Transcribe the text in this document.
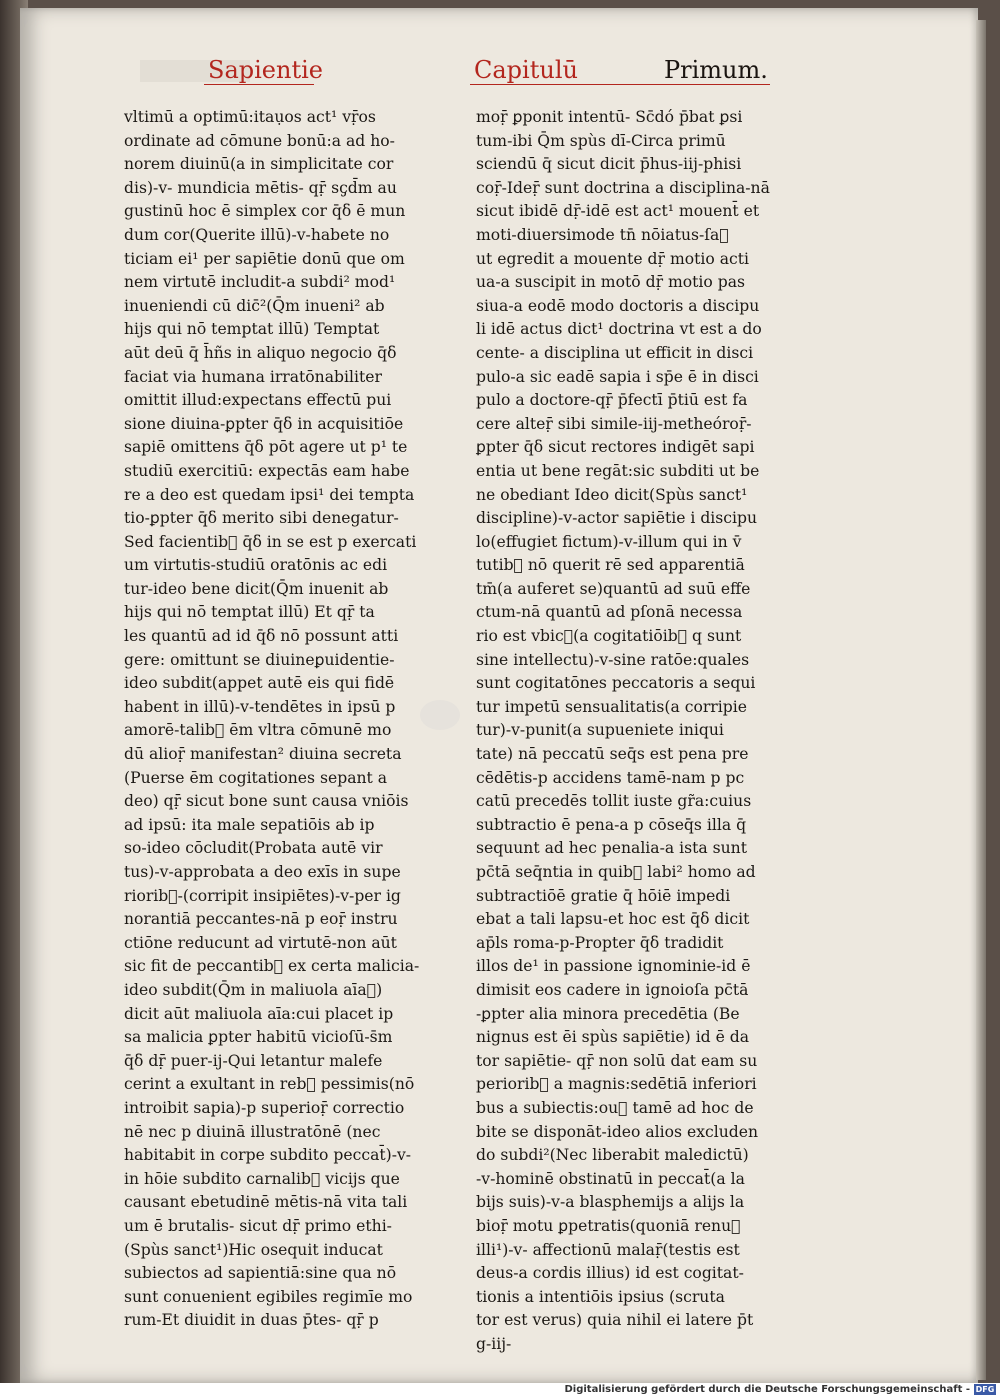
Sapientie	Capitulū	Primum.
vltimū a optimū:itaụos act¹ vṝos
ordinate ad cōmune bonū:a ad ho-
norem diuinū(a in simplicitate cor
dis)-v- mundicia mētis- qṝ sc̡d̄m au
gustinū hoc ē simplex cor q̄ẟ ē mun
dum cor(Querite illū)-v-habete no
ticiam ei¹ per sapiētie donū que om
nem virtutē includit-a subdi² mod¹
inueniendi cū dic̄²(Q̄m inueni² ab
hijs qui nō temptat illū) Temptat
aūt deū q̄ h̄ñs in aliquo negocio q̄ẟ
faciat via humana irratōnabiliter
omittit illud:expectans effectū pui
sione diuina-ꝑpter q̄ẟ in acquisitiōe
sapiē omittens q̄ẟ pōt agere ut p¹ te
studiū exercitiū: expectās eam habe
re a deo est quedam ipsi¹ dei tempta
tio-ꝑpter q̄ẟ merito sibi denegatur-
Sed facientib᷑ q̄ẟ in se est p exercati
um virtutis-studiū oratōnis ac edi
tur-ideo bene dicit(Q̄m inuenit ab
hijs qui nō temptat illū) Et qṝ ta
les quantū ad id q̄ẟ nō possunt atti
gere: omittunt se diuineꝑuidentie-
ideo subdit(appet autē eis qui fidē
habent in illū)-v-tendētes in ipsū p
amorē-talib᷑ ēm vltra cōmunē mo
dū alioṝ manifestan² diuina secreta
(Puerse ēm cogitationes sepant a
deo) qṝ sicut bone sunt causa vniōis
ad ipsū: ita male sepatiōis ab ip
so-ideo cōcludit(Probata autē vir
tus)-v-approbata a deo exīs in supe
riorib᷑-(corripit insipiētes)-v-per ig
norantiā peccantes-nā p eoṝ instru
ctiōne reducunt ad virtutē-non aūt
sic fit de peccantib᷑ ex certa malicia-
ideo subdit(Q̄m in maliuola aīa᷑)
dicit aūt maliuola aīa:cui placet ip
sa malicia ꝑpter habitū vicioſū-s̄m
q̄ẟ dṝ puer-ij-Qui letantur malefe
cerint a exultant in reb᷑ pessimis(nō
introibit sapia)-p superioṝ correctio
nē nec p diuinā illustratōnē (nec
habitabit in corpe subdito peccat̄)-v-
in hōie subdito carnalib᷑ vicijs que
causant ebetudinē mētis-nā vita tali
um ē brutalis- sicut dṝ primo ethi-
(Spùs sanct¹)Hic osequit inducat
subiectos ad sapientiā:sine qua nō
sunt conuenient egibiles regimīe mo
rum-Et diuidit in duas p̄tes- qṝ p
moṝ ꝑponit intentū- Sc̄dó p̄bat ꝑsi
tum-ibi Q̄m spùs dī-Circa primū
sciendū q̄ sicut dicit p̄hus-iij-phisi
coṝ-Ideṝ sunt doctrina a disciplina-nā
sicut ibidē dṝ-idē est act¹ mouent̄ et
moti-diuersimode tn̄ nōiatus-ſa᷑
ut egredit a mouente dṝ motio acti
ua-a suscipit in motō dṝ motio pas
siua-a eodē modo doctoris a discipu
li idē actus dict¹ doctrina vt est a do
cente- a disciplina ut efficit in disci
pulo-a sic eadē sapia i sp̄e ē in disci
pulo a doctore-qṝ p̄fectī p̄tiū est fa
cere alteṝ sibi simile-iij-metheóroṝ-
ꝑpter q̄ẟ sicut rectores indigēt sapi
entia ut bene regāt:sic subditi ut be
ne obediant Ideo dicit(Spùs sanct¹
discipline)-v-actor sapiētie i discipu
lo(effugiet fictum)-v-illum qui in v̄
tutib᷑ nō querit rē sed apparentiā
tm̄(a auferet se)quantū ad suū effe
ctum-nā quantū ad pſonā necessa
rio est vbic᷑(a cogitatiōib᷑ q sunt
sine intellectu)-v-sine ratōe:quales
sunt cogitatōnes peccatoris a sequi
tur impetū sensualitatis(a corripie
tur)-v-punit(a supueniete iniqui
tate) nā peccatū seq̄s est pena pre
cēdētis-p accidens tamē-nam p pc
catū precedēs tollit iuste gr̃a:cuius
subtractio ē pena-a p cōseq̄s illa q̄
sequunt ad hec penalia-a ista sunt
pc̄tā seq̄ntia in quib᷑ labi² homo ad
subtractiōē gratie q̄ hōiē impedi
ebat a tali lapsu-et hoc est q̄ẟ dicit
ap̄ls roma-p-Propter q̄ẟ tradidit
illos de¹ in passione ignominie-id ē
dimisit eos cadere in ignoioſa pc̄tā
-ꝑpter alia minora precedētia (Be
nignus est ēi spùs sapiētie) id ē da
tor sapiētie- qṝ non solū dat eam su
periorib᷑ a magnis:sedētiā inferiori
bus a subiectis:ou᷑ tamē ad hoc de
bite se disponāt-ideo alios excluden
do subdi²(Nec liberabit maledictū)
-v-hominē obstinatū in peccat̄(a la
bijs suis)-v-a blasphemijs a alijs la
bioṝ motu ꝑpetratis(quoniā renu᷑
illi¹)-v- affectionū malaṝ(testis est
deus-a cordis illius) id est cogitat-
tionis a intentiōis ipsius (scruta
tor est verus) quia nihil ei latere p̄t
g-iij-
Digitalisierung gefördert durch die Deutsche Forschungsgemeinschaft - DFG
